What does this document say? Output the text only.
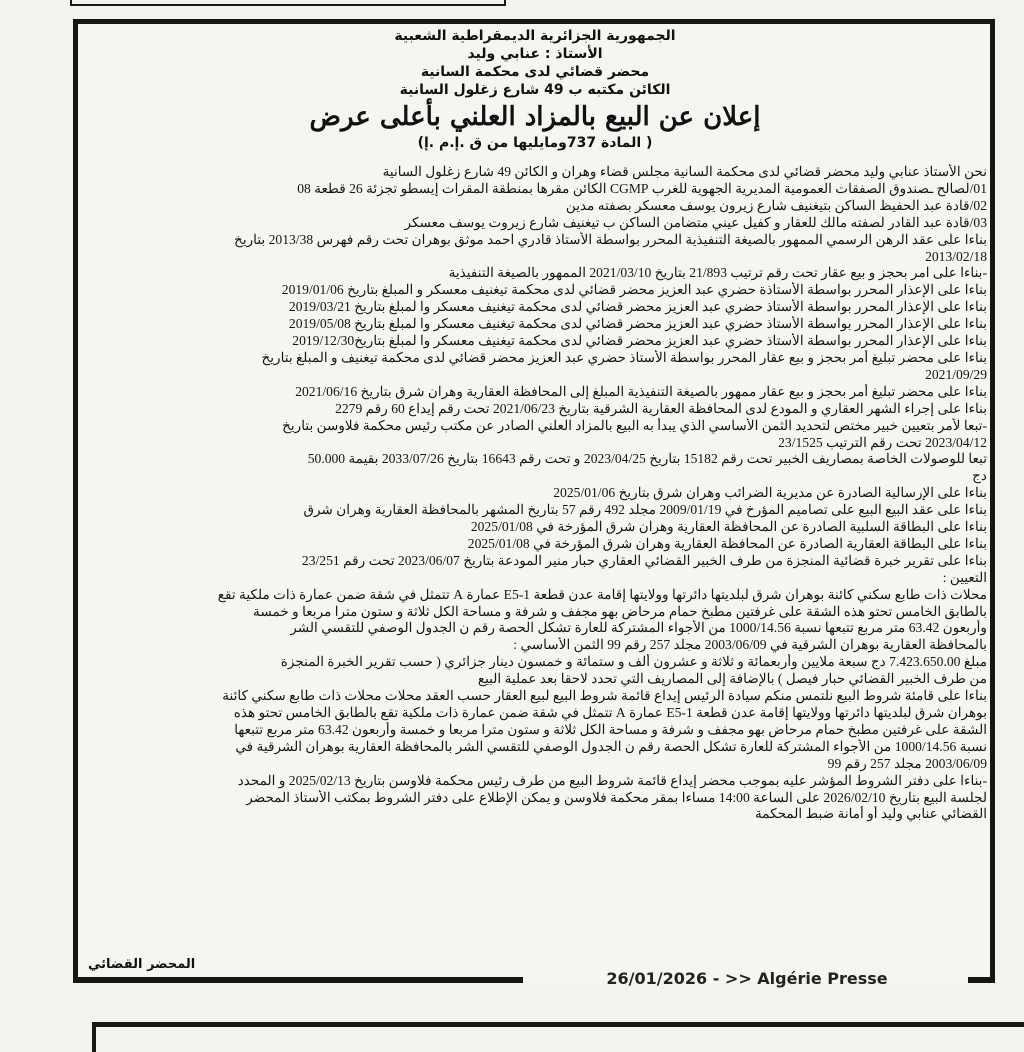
الجمهورية الجزائرية الديمقراطية الشعبية
الأستاذ : عنابي وليد
محضر قضائي لدى محكمة السانية
الكائن مكتبه ب 49 شارع زغلول السانية
إعلان عن البيع بالمزاد العلني بأعلى عرض
( المادة 737ومايليها من ق .إ.م .إ)
نحن الأستاذ عنابي وليد محضر قضائي لدى محكمة السانية مجلس قضاء وهران و الكائن 49 شارع زغلول السانية
01/لصالح ـصندوق الصفقات العمومية المديرية الجهوية للغرب CGMP الكائن مقرها بمنطقة المقرات إيسطو تجزئة 26 قطعة 08
02/قادة عبد الحفيظ الساكن بتيغنيف شارع زيرون يوسف معسكر بصفته مدين
03/قادة عبد القادر لصفته مالك للعقار و كفيل عيني متضامن الساكن ب تيغنيف شارع زيروت يوسف معسكر
بناءا على عقد الرهن الرسمي الممهور بالصيغة التنفيذية المحرر بواسطة الأستاذ قادري احمد موثق بوهران تحت رقم فهرس 2013/38 بتاريخ
2013/02/18
-بناءا على امر بحجز و بيع عقار تحت رقم ترتيب 21/893 بتاريخ 2021/03/10 الممهور بالصيغة التنفيذية
بناءا على الإعذار المحرر بواسطة الأستاذة حضري عبد العزيز محضر قضائي لدى محكمة تيغنيف معسكر و المبلغ بتاريخ 2019/01/06
بناءا على الإعذار المحرر بواسطة الأستاذ حضري عبد العزيز محضر قضائي لدى محكمة تيغنيف معسكر وا لمبلغ بتاريخ 2019/03/21
بناءا على الإعذار المحرر بواسطة الأستاذ حضري عبد العزيز محضر قضائي لدى محكمة تيغنيف معسكر وا لمبلغ بتاريخ 2019/05/08
بناءا على الإعذار المحرر بواسطة الأستاذ حضري عبد العزيز محضر قضائي لدى محكمة تيغنيف معسكر وا لمبلغ بتاريخ2019/12/30
بناءا على محضر تبليغ أمر بحجز و بيع عقار المحرر بواسطة الأستاذ حضري عبد العزيز محضر قضائي لدى محكمة تيغنيف و المبلغ بتاريخ
2021/09/29
بناءا على محضر تبليغ أمر بحجز و بيع عقار ممهور بالصيغة التنفيذية المبلغ إلى المحافظة العقارية وهران شرق بتاريخ 2021/06/16
بناءا على إجراء الشهر العقاري و المودع لدى المحافظة العقارية الشرقية بتاريخ 2021/06/23 تحت رقم إيداع 60 رقم 2279
-تبعا لأمر بتعيين خبير مختص لتحديد الثمن الأساسي الذي يبدأ به البيع بالمزاد العلني الصادر عن مكتب رئيس محكمة فلاوسن بتاريخ
2023/04/12 تحت رقم الترتيب 23/1525
تبعا للوصولات الخاصة بمصاريف الخبير تحت رقم 15182 بتاريخ 2023/04/25 و تحت رقم 16643 بتاريخ 2033/07/26 بقيمة 50.000
دج
بناءا على الإرسالية الصادرة عن مديرية الضرائب وهران شرق بتاريخ 2025/01/06
بناءا على عقد البيع البيع على تصاميم المؤرخ في 2009/01/19 مجلد 492 رقم 57 بتاريخ المشهر بالمحافظة العقارية وهران شرق
بناءا على البطاقة السلبية الصادرة عن المحافظة العقارية وهران شرق المؤرخة في 2025/01/08
بناءا على البطاقة العقارية الصادرة عن المحافظة العقارية وهران شرق المؤرخة في 2025/01/08
بناءا على تقرير خبرة قضائية المنجزة من طرف الخبير القضائي العقاري حبار منير المودعة بتاريخ 2023/06/07 تحت رقم 23/251
التعيين :
محلات ذات طابع سكني كائنة بوهران شرق لبلديتها دائرتها وولايتها إقامة عدن قطعة E5-1 عمارة A تتمثل في شقة ضمن عمارة ذات ملكية تقع
بالطابق الخامس تحتو هذه الشقة على غرفتين مطبخ حمام مرحاض بهو مجفف و شرفة و مساحة الكل ثلاثة و ستون مترا مربعا و خمسة
وأربعون 63.42 متر مربع تتبعها نسبة 1000/14.56 من الأجواء المشتركة للعارة تشكل الحصة رقم ن الجدول الوصفي للتقسي الشر
بالمحافظة العقارية بوهران الشرقية في 2003/06/09 مجلد 257 رقم 99 الثمن الأساسي :
مبلغ 7.423.650.00 دج سبعة ملايين وأربعمائة و ثلاثة و عشرون ألف و ستمائة و خمسون دينار جزائري ( حسب تقرير الخبرة المنجزة
من طرف الخبير القضائي حبار فيصل ) بالإضافة إلى المصاريف التي تحدد لاحقا بعد عملية البيع
بناءا على قامئة شروط البيع نلتمس منكم سيادة الرئيس إيداع قائمة شروط البيع لبيع العقار حسب العقد محلات محلات ذات طابع سكني كائنة
بوهران شرق لبلديتها دائرتها وولايتها إقامة عدن قطعة E5-1 عمارة A تتمثل في شقة ضمن عمارة ذات ملكية تقع بالطابق الخامس تحتو هذه
الشقة على غرفتين مطبخ حمام مرحاض بهو مجفف و شرفة و مساحة الكل ثلاثة و ستون مترا مربعا و خمسة وأربعون 63.42 متر مربع تتبعها
نسبة 1000/14.56 من الأجواء المشتركة للعارة تشكل الحصة رقم ن الجدول الوصفي للتقسي الشر بالمحافظة العقارية بوهران الشرقية في
2003/06/09 مجلد 257 رقم 99
-بناءا على دفتر الشروط المؤشر عليه بموجب محضر إيداع قائمة شروط البيع من طرف رئيس محكمة فلاوسن بتاريخ 2025/02/13 و المحدد
لجلسة البيع بتاريخ 2026/02/10 على الساعة 14:00 مساءا بمقر محكمة فلاوسن و يمكن الإطلاع على دفتر الشروط بمكتب الأستاذ المحضر
القضائي عنابي وليد أو أمانة ضبط المحكمة
المحضر القضائي
26/01/2026 - >> Algérie Presse
